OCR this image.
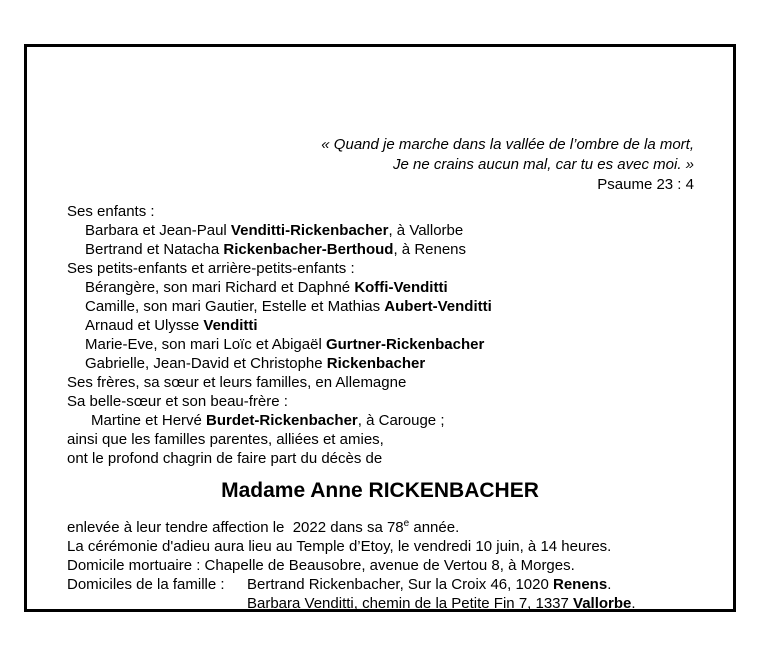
« Quand je marche dans la vallée de l’ombre de la mort,
Je ne crains aucun mal, car tu es avec moi. »
Psaume 23 : 4
Ses enfants :
Barbara et Jean-Paul Venditti-Rickenbacher, à Vallorbe
Bertrand et Natacha Rickenbacher-Berthoud, à Renens
Ses petits-enfants et arrière-petits-enfants :
Bérangère, son mari Richard et Daphné Koffi-Venditti
Camille, son mari Gautier, Estelle et Mathias Aubert-Venditti
Arnaud et Ulysse Venditti
Marie-Eve, son mari Loïc et Abigaël Gurtner-Rickenbacher
Gabrielle, Jean-David et Christophe Rickenbacher
Ses frères, sa sœur et leurs familles, en Allemagne
Sa belle-sœur et son beau-frère :
Martine et Hervé Burdet-Rickenbacher, à Carouge ;
ainsi que les familles parentes, alliées et amies,
ont le profond chagrin de faire part du décès de
Madame Anne RICKENBACHER
enlevée à leur tendre affection le  2022 dans sa 78e année.
La cérémonie d'adieu aura lieu au Temple d’Etoy, le vendredi 10 juin, à 14 heures.
Domicile mortuaire : Chapelle de Beausobre, avenue de Vertou 8, à Morges.
Domiciles de la famille : Bertrand Rickenbacher, Sur la Croix 46, 1020 Renens.
Barbara Venditti, chemin de la Petite Fin 7, 1337 Vallorbe.
